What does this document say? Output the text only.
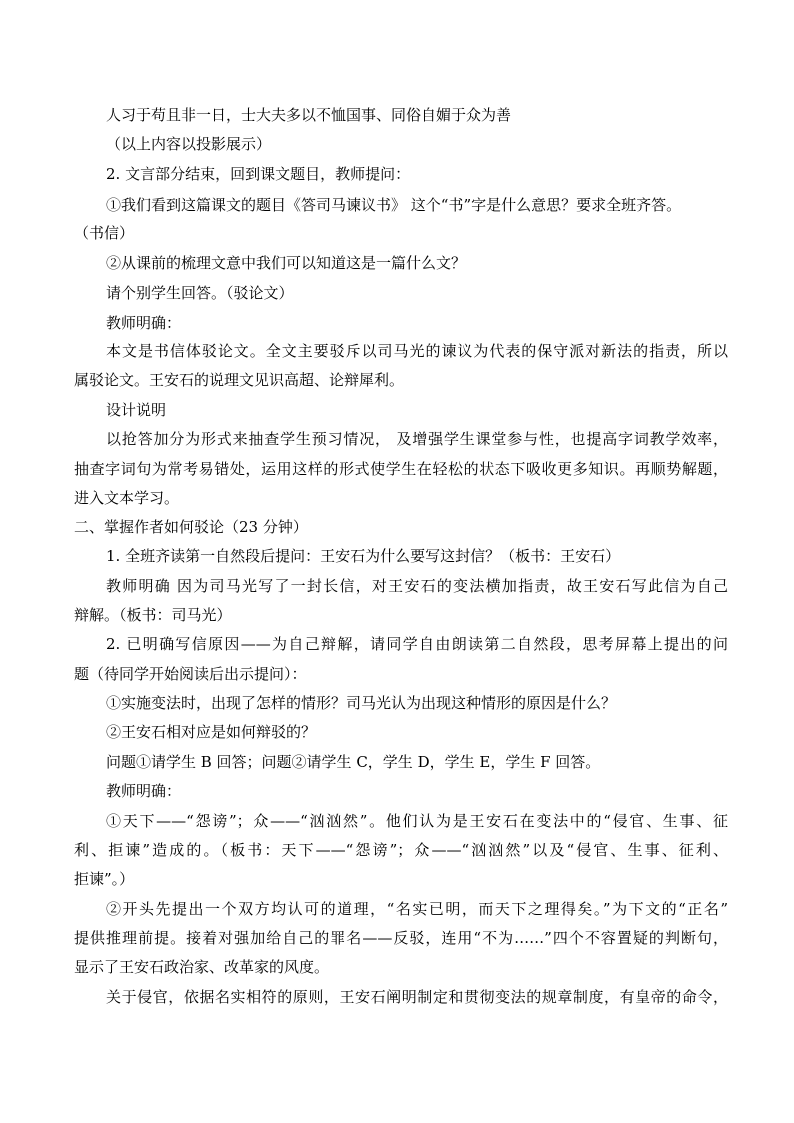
人习于苟且非一日，士大夫多以不恤国事、同俗自媚于众为善
（以上内容以投影展示）
2. 文言部分结束，回到课文题目，教师提问：
①我们看到这篇课文的题目《答司马谏议书》 这个“书”字是什么意思？要求全班齐答。
（书信）
②从课前的梳理文意中我们可以知道这是一篇什么文？
请个别学生回答。（驳论文）
教师明确：
本文是书信体驳论文。全文主要驳斥以司马光的谏议为代表的保守派对新法的指责，所以
属驳论文。王安石的说理文见识高超、论辩犀利。
设计说明
以抢答加分为形式来抽查学生预习情况， 及增强学生课堂参与性，也提高字词教学效率，
抽查字词句为常考易错处，运用这样的形式使学生在轻松的状态下吸收更多知识。再顺势解题，
进入文本学习。
二、掌握作者如何驳论（23 分钟）
1. 全班齐读第一自然段后提问：王安石为什么要写这封信？（板书：王安石）
教师明确 因为司马光写了一封长信，对王安石的变法横加指责，故王安石写此信为自己
辩解。（板书：司马光）
2. 已明确写信原因——为自己辩解，请同学自由朗读第二自然段，思考屏幕上提出的问
题（待同学开始阅读后出示提问）：
①实施变法时，出现了怎样的情形？司马光认为出现这种情形的原因是什么？
②王安石相对应是如何辩驳的？
问题①请学生 B 回答；问题②请学生 C，学生 D，学生 E，学生 F 回答。
教师明确：
①天下——“怨谤”；众——“汹汹然”。他们认为是王安石在变法中的“侵官、生事、征
利、拒谏”造成的。（板书：天下——“怨谤”；众——“汹汹然”以及“侵官、生事、征利、
拒谏”。）
②开头先提出一个双方均认可的道理，“名实已明，而天下之理得矣。”为下文的“正名”
提供推理前提。接着对强加给自己的罪名——反驳，连用“不为……”四个不容置疑的判断句，
显示了王安石政治家、改革家的风度。
关于侵官，依据名实相符的原则，王安石阐明制定和贯彻变法的规章制度，有皇帝的命令，
